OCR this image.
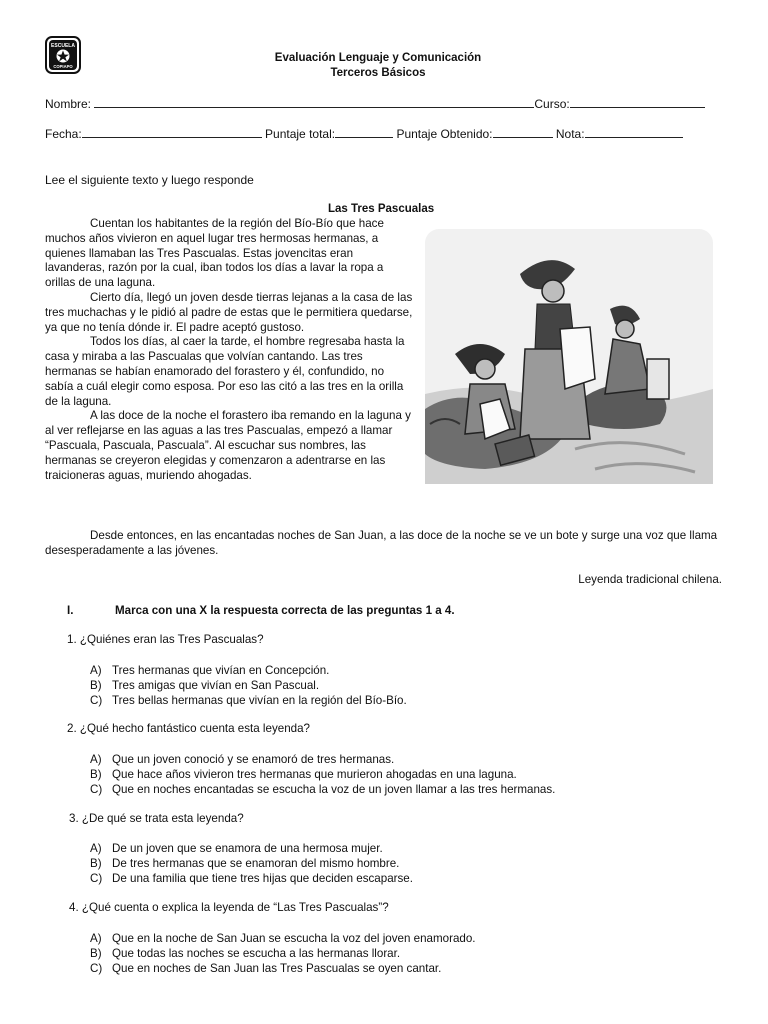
ESCUELA
COPIAPO
Evaluación Lenguaje y Comunicación
Terceros Básicos
Nombre:	Curso:
Fecha:	Puntaje total:	Puntaje Obtenido:	Nota:
Lee el siguiente texto y luego responde
Las Tres Pascualas

Cuentan los habitantes de la región del Bío-Bío que hace muchos años vivieron en aquel lugar tres hermosas hermanas, a quienes llamaban las Tres Pascualas. Estas jovencitas eran lavanderas, razón por la cual, iban todos los días a lavar la ropa a orillas de una laguna.

Cierto día, llegó un joven desde tierras lejanas a la casa de las tres muchachas y le pidió al padre de estas que le permitiera quedarse, ya que no tenía dónde ir. El padre aceptó gustoso.

Todos los días, al caer la tarde, el hombre regresaba hasta la casa y miraba a las Pascualas que volvían cantando. Las tres hermanas se habían enamorado del forastero y él, confundido, no sabía a cuál elegir como esposa. Por eso las citó a las tres en la orilla de la laguna.

A las doce de la noche el forastero iba remando en la laguna y al ver reflejarse en las aguas a las tres Pascualas, empezó a llamar “Pascuala, Pascuala, Pascuala”. Al escuchar sus nombres, las hermanas se creyeron elegidas y comenzaron a adentrarse en las traicioneras aguas, muriendo ahogadas.

Desde entonces, en las encantadas noches de San Juan, a las doce de la noche se ve un bote y surge una voz que llama desesperadamente a las jóvenes.
Leyenda tradicional chilena.
I.	Marca con una X la respuesta correcta de las preguntas 1 a 4.
1. ¿Quiénes eran las Tres Pascualas?
A) Tres hermanas que vivían en Concepción.
B) Tres amigas que vivían en San Pascual.
C) Tres bellas hermanas que vivían en la región del Bío-Bío.
2. ¿Qué hecho fantástico cuenta esta leyenda?
A) Que un joven conoció y se enamoró de tres hermanas.
B) Que hace años vivieron tres hermanas que murieron ahogadas en una laguna.
C) Que en noches encantadas se escucha la voz de un joven llamar a las tres hermanas.
3. ¿De qué se trata esta leyenda?
A) De un joven que se enamora de una hermosa mujer.
B) De tres hermanas que se enamoran del mismo hombre.
C) De una familia que tiene tres hijas que deciden escaparse.
4. ¿Qué cuenta o explica la leyenda de “Las Tres Pascualas”?
A) Que en la noche de San Juan se escucha la voz del joven enamorado.
B) Que todas las noches se escucha a las hermanas llorar.
C) Que en noches de San Juan las Tres Pascualas se oyen cantar.
